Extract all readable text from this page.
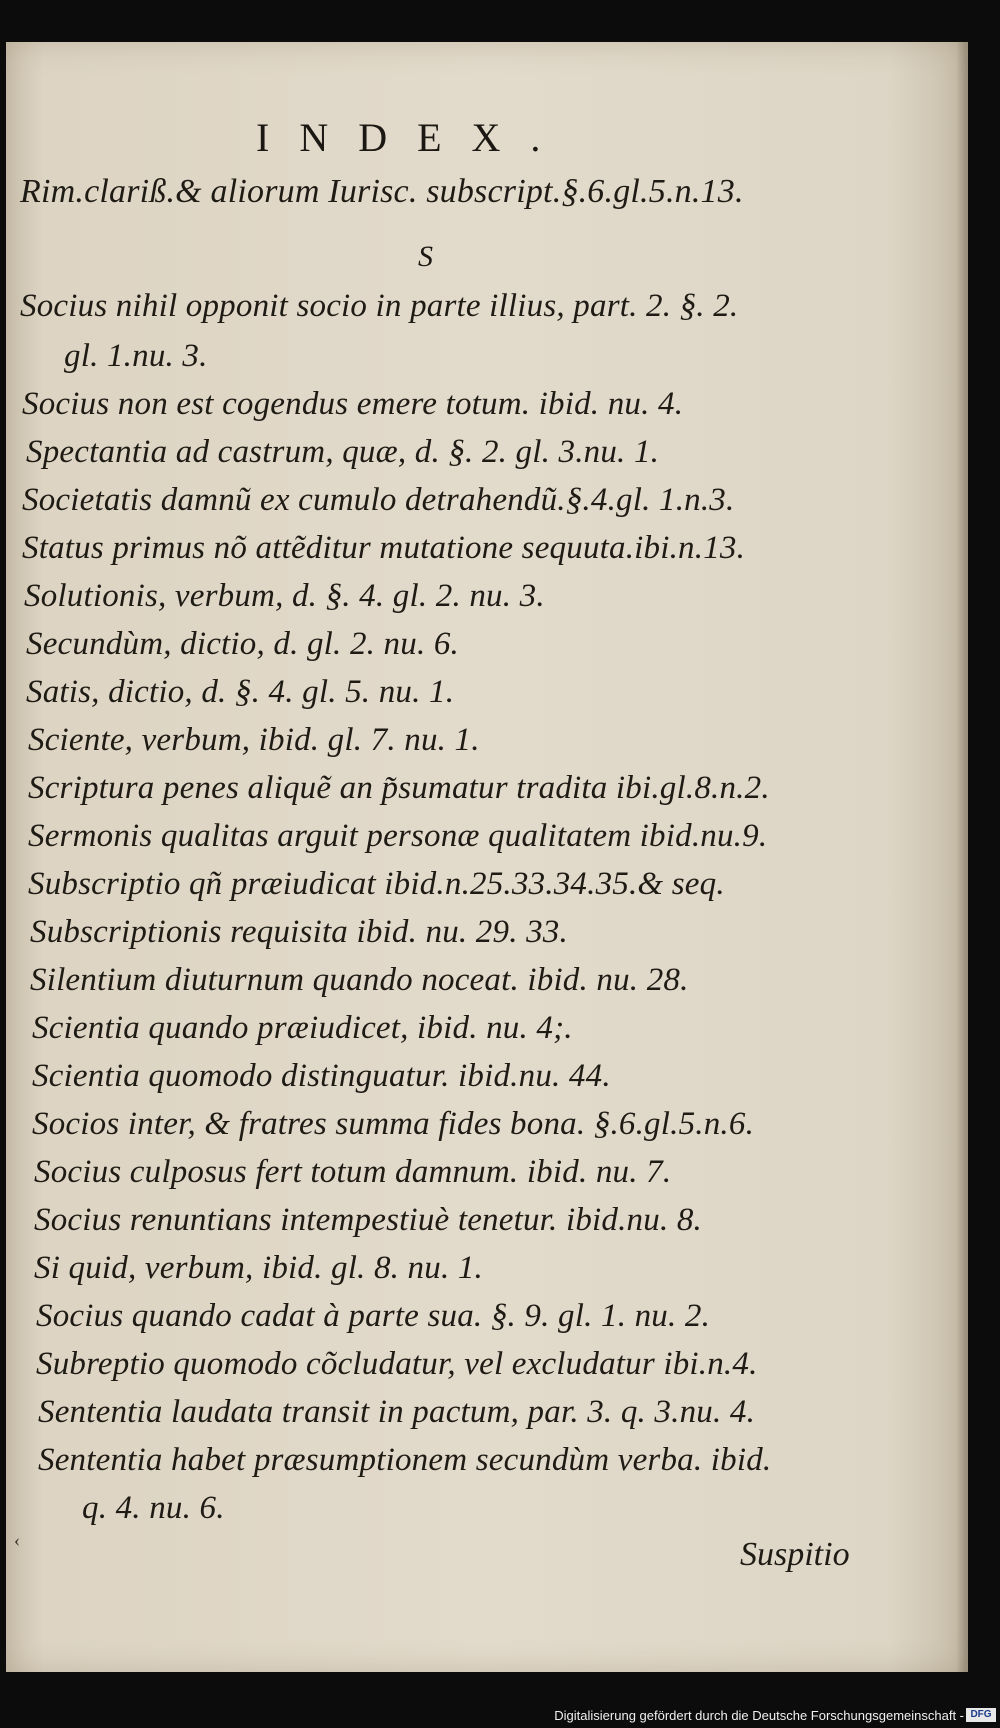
INDEX.
S
Rim.clariß.& aliorum Iurisc. subscript.§.6.gl.5.n.13.
Socius nihil opponit socio in parte illius, part. 2. §. 2.
gl. 1.nu. 3.
Socius non est cogendus emere totum. ibid. nu. 4.
Spectantia ad castrum, quæ, d. §. 2. gl. 3.nu. 1.
Societatis damnũ ex cumulo detrahendũ.§.4.gl. 1.n.3.
Status primus nõ attẽditur mutatione sequuta.ibi.n.13.
Solutionis, verbum, d. §. 4. gl. 2. nu. 3.
Secundùm, dictio, d. gl. 2. nu. 6.
Satis, dictio, d. §. 4. gl. 5. nu. 1.
Sciente, verbum, ibid. gl. 7. nu. 1.
Scriptura penes aliquẽ an p̃sumatur tradita ibi.gl.8.n.2.
Sermonis qualitas arguit personæ qualitatem ibid.nu.9.
Subscriptio qñ præiudicat ibid.n.25.33.34.35.& seq.
Subscriptionis requisita ibid. nu. 29. 33.
Silentium diuturnum quando noceat. ibid. nu. 28.
Scientia quando præiudicet, ibid. nu. 4;.
Scientia quomodo distinguatur. ibid.nu. 44.
Socios inter, & fratres summa fides bona. §.6.gl.5.n.6.
Socius culposus fert totum damnum. ibid. nu. 7.
Socius renuntians intempestiuè tenetur. ibid.nu. 8.
Si quid, verbum, ibid. gl. 8. nu. 1.
Socius quando cadat à parte sua. §. 9. gl. 1. nu. 2.
Subreptio quomodo cõcludatur, vel excludatur ibi.n.4.
Sententia laudata transit in pactum, par. 3. q. 3.nu. 4.
Sententia habet præsumptionem secundùm verba. ibid.
q. 4. nu. 6.
Suspitio
‹
Digitalisierung gefördert durch die Deutsche Forschungsgemeinschaft - DFG
